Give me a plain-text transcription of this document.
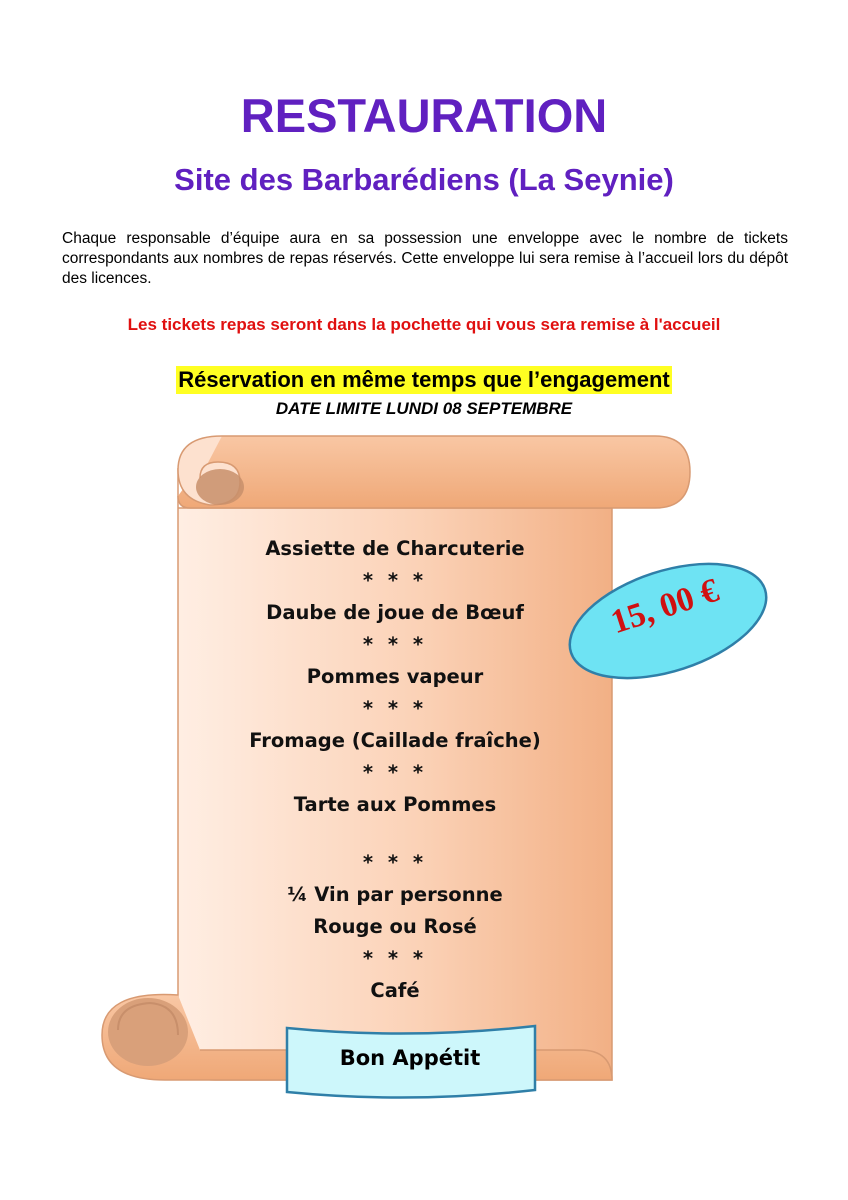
RESTAURATION
Site des Barbarédiens (La Seynie)
Chaque responsable d’équipe aura en sa possession une enveloppe avec le nombre de tickets correspondants aux nombres de repas réservés. Cette enveloppe lui sera remise à l’accueil lors du dépôt des licences.
Les tickets repas seront dans la pochette qui vous sera remise à l'accueil
Réservation en même temps que l’engagement
DATE LIMITE LUNDI 08 SEPTEMBRE
Assiette de Charcuterie
* * *
Daube de joue de Bœuf
* * *
Pommes vapeur
* * *
Fromage (Caillade fraîche)
* * *
Tarte aux Pommes
* * *
¼ Vin par personne
Rouge ou Rosé
* * *
Café
15, 00 €
Bon Appétit
